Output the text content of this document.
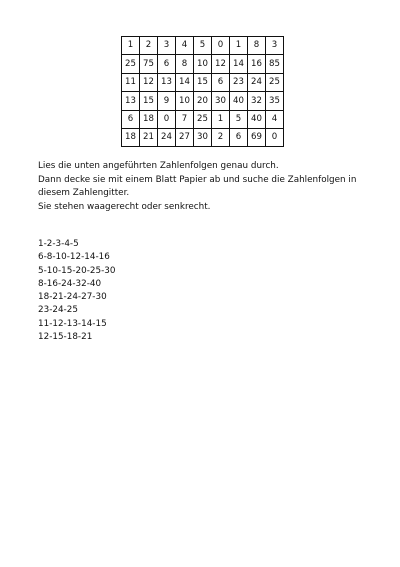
1	2	3	4	5	0	1	8	3
25	75	6	8	10	12	14	16	85
11	12	13	14	15	6	23	24	25
13	15	9	10	20	30	40	32	35
6	18	0	7	25	1	5	40	4
18	21	24	27	30	2	6	69	0

Lies die unten angeführten Zahlenfolgen genau durch.

Dann decke sie mit einem Blatt Papier ab und suche die Zahlenfolgen in diesem Zahlengitter.

Sie stehen waagerecht oder senkrecht.

1-2-3-4-5
6-8-10-12-14-16
5-10-15-20-25-30
8-16-24-32-40
18-21-24-27-30
23-24-25
11-12-13-14-15
12-15-18-21
